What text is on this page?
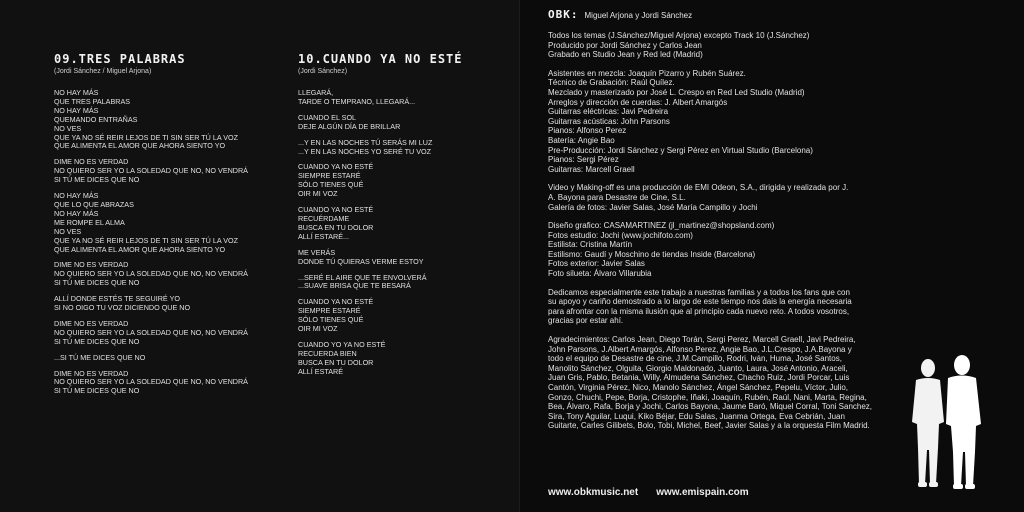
09.TRES PALABRAS
(Jordi Sánchez / Miguel Arjona)
NO HAY MÁS
QUE TRES PALABRAS
NO HAY MÁS
QUEMANDO ENTRAÑAS
NO VES
QUE YA NO SÉ REIR LEJOS DE TI SIN SER TÚ LA VOZ
QUE ALIMENTA EL AMOR QUE AHORA SIENTO YO
DIME NO ES VERDAD
NO QUIERO SER YO LA SOLEDAD QUE NO, NO VENDRÁ
SI TÚ ME DICES QUE NO
NO HAY MÁS
QUE LO QUE ABRAZAS
NO HAY MÁS
ME ROMPE EL ALMA
NO VES
QUE YA NO SÉ REIR LEJOS DE TI SIN SER TÚ LA VOZ
QUE ALIMENTA EL AMOR QUE AHORA SIENTO YO
DIME NO ES VERDAD
NO QUIERO SER YO LA SOLEDAD QUE NO, NO VENDRÁ
SI TÚ ME DICES QUE NO
ALLÍ DONDE ESTÉS TE SEGUIRÉ YO
SI NO OIGO TU VOZ DICIENDO QUE NO
DIME NO ES VERDAD
NO QUIERO SER YO LA SOLEDAD QUE NO, NO VENDRÁ
SI TÚ ME DICES QUE NO
...SI TÚ ME DICES QUE NO
DIME NO ES VERDAD
NO QUIERO SER YO LA SOLEDAD QUE NO, NO VENDRÁ
SI TÚ ME DICES QUE NO
10.CUANDO YA NO ESTÉ
(Jordi Sánchez)
LLEGARÁ,
TARDE O TEMPRANO, LLEGARÁ...
CUANDO EL SOL
DEJE ALGÚN DÍA DE BRILLAR
...Y EN LAS NOCHES TÚ SERÁS MI LUZ
...Y EN LAS NOCHES YO SERÉ TU VOZ
CUANDO YA NO ESTÉ
SIEMPRE ESTARÉ
SÓLO TIENES QUÉ
OIR MI VOZ
CUANDO YA NO ESTÉ
RECUÉRDAME
BUSCA EN TU DOLOR
ALLÍ ESTARÉ...
ME VERÁS
DONDE TÚ QUIERAS VERME ESTOY
...SERÉ EL AIRE QUE TE ENVOLVERÁ
...SUAVE BRISA QUE TE BESARÁ
CUANDO YA NO ESTÉ
SIEMPRE ESTARÉ
SÓLO TIENES QUÉ
OIR MI VOZ
CUANDO YO YA NO ESTÉ
RECUERDA BIEN
BUSCA EN TU DOLOR
ALLÍ ESTARÉ
OBK: Miguel Arjona y Jordi Sánchez
Todos los temas (J.Sánchez/Miguel Arjona) excepto Track 10 (J.Sánchez)
Producido por Jordi Sánchez y Carlos Jean
Grabado en Studio Jean y Red led (Madrid)
Asistentes en mezcla: Joaquín Pizarro y Rubén Suárez.
Técnico de Grabación: Raúl Quílez.
Mezclado y masterizado por José L. Crespo en Red Led Studio (Madrid)
Arreglos y dirección de cuerdas: J. Albert Amargós
Guitarras eléctricas: Javi Pedreira
Guitarras acústicas: John Parsons
Pianos: Alfonso Perez
Batería: Angie Bao
Pre-Producción: Jordi Sánchez y Sergi Pérez en Virtual Studio (Barcelona)
Pianos: Sergi Pérez
Guitarras: Marcell Graell
Video y Making-off es una producción de EMI Odeon, S.A., dirigida y realizada por J.
A. Bayona para Desastre de Cine, S.L.
Galería de fotos: Javier Salas, José María Campillo y Jochi
Diseño grafico: CASAMARTINEZ (jl_martinez@shopsland.com)
Fotos estudio: Jochi (www.jochifoto.com)
Estilista: Cristina Martín
Estilismo: Gaudí y Moschino de tiendas Inside (Barcelona)
Fotos exterior: Javier Salas
Foto silueta: Álvaro Villarubia
Dedicamos especialmente este trabajo a nuestras familias y a todos los fans que con
su apoyo y cariño demostrado a lo largo de este tiempo nos dais la energía necesaria
para afrontar con la misma ilusión que al principio cada nuevo reto. A todos vosotros,
gracias por estar ahí.
Agradecimientos: Carlos Jean, Diego Torán, Sergi Perez, Marcell Graell, Javi Pedreira,
John Parsons, J.Albert Amargós, Alfonso Perez, Angie Bao, J.L.Crespo, J.A.Bayona y
todo el equipo de Desastre de cine, J.M.Campillo, Rodri, Iván, Huma, José Santos,
Manolito Sánchez, Olguita, Giorgio Maldonado, Juanto, Laura, José Antonio, Araceli,
Juan Gris, Pablo, Betania, Willy, Almudena Sánchez, Chacho Ruiz, Jordi Porcar, Luis
Cantón, Virginia Pérez, Nico, Manolo Sánchez, Ángel Sánchez, Pepelu, Víctor, Julio,
Gonzo, Chuchi, Pepe, Borja, Cristophe, Iñaki, Joaquín, Rubén, Raúl, Nani, Marta, Regina,
Bea, Álvaro, Rafa, Borja y Jochi, Carlos Bayona, Jaume Baró, Miquel Corral, Toni Sanchez,
Sira, Tony Aguilar, Luqui, Kiko Béjar, Edu Salas, Juanma Ortega, Eva Cebrián, Juan
Guitarte, Carles Gilibets, Bolo, Tobi, Michel, Beef, Javier Salas y a la orquesta Film Madrid.
www.obkmusic.net www.emispain.com
